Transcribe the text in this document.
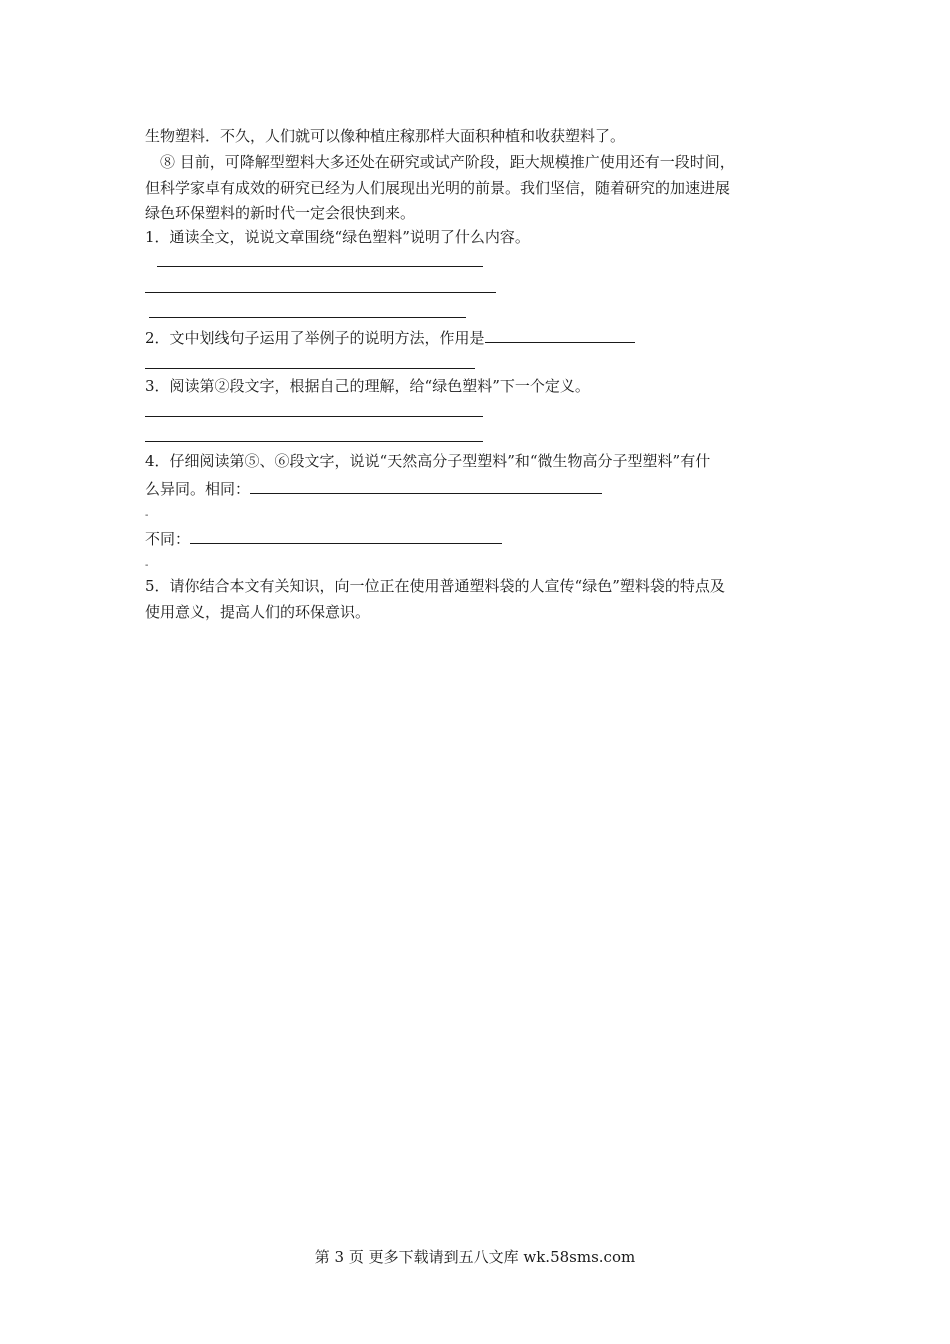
生物塑料．不久，人们就可以像种植庄稼那样大面积种植和收获塑料了。
⑧ 目前，可降解型塑料大多还处在研究或试产阶段，距大规模推广使用还有一段时间，
但科学家卓有成效的研究已经为人们展现出光明的前景。我们坚信，随着研究的加速进展
绿色环保塑料的新时代一定会很快到来。
1．通读全文，说说文章围绕“绿色塑料”说明了什么内容。
2．文中划线句子运用了举例子的说明方法，作用是
3．阅读第②段文字，根据自己的理解，给“绿色塑料”下一个定义。
4．仔细阅读第⑤、⑥段文字，说说“天然高分子型塑料”和“微生物高分子型塑料”有什
么异同。相同：
-
不同：
-
5．请你结合本文有关知识，向一位正在使用普通塑料袋的人宣传“绿色”塑料袋的特点及
使用意义，提高人们的环保意识。
第 3 页 更多下载请到五八文库 wk.58sms.com
